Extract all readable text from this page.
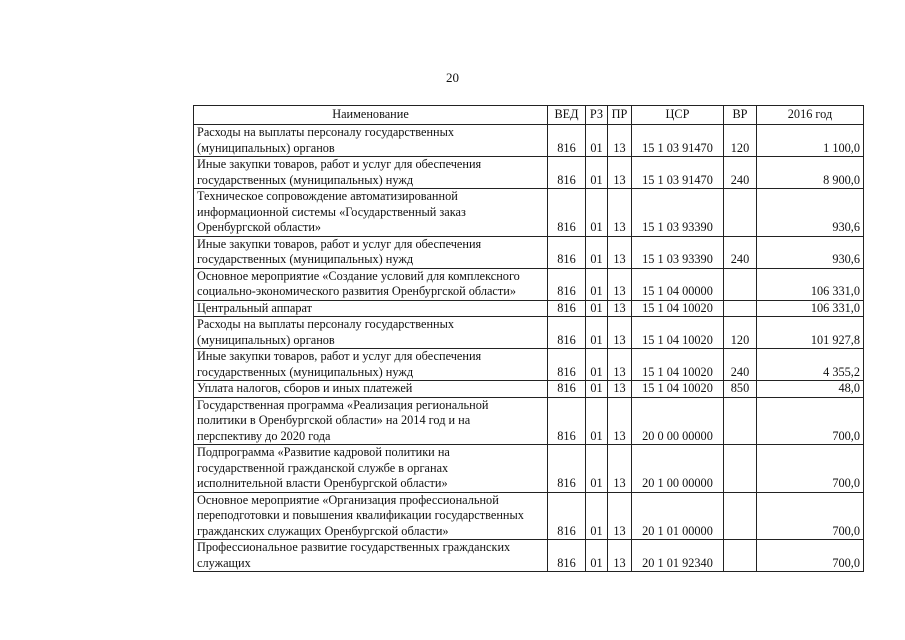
20
Наименование	ВЕД	РЗ	ПР	ЦСР	ВР	2016 год

Расходы на выплаты персоналу государственных
(муниципальных) органов	816	01	13	15 1 03 91470	120	1 100,0

Иные закупки товаров, работ и услуг для обеспечения
государственных (муниципальных) нужд	816	01	13	15 1 03 91470	240	8 900,0

Техническое сопровождение автоматизированной
информационной системы «Государственный заказ
Оренбургской области»	816	01	13	15 1 03 93390		930,6

Иные закупки товаров, работ и услуг для обеспечения
государственных (муниципальных) нужд	816	01	13	15 1 03 93390	240	930,6

Основное мероприятие «Создание условий для комплексного
социально-экономического развития Оренбургской области»	816	01	13	15 1 04 00000		106 331,0

Центральный аппарат	816	01	13	15 1 04 10020		106 331,0

Расходы на выплаты персоналу государственных
(муниципальных) органов	816	01	13	15 1 04 10020	120	101 927,8

Иные закупки товаров, работ и услуг для обеспечения
государственных (муниципальных) нужд	816	01	13	15 1 04 10020	240	4 355,2

Уплата налогов, сборов и иных платежей	816	01	13	15 1 04 10020	850	48,0

Государственная программа «Реализация региональной
политики в Оренбургской области» на 2014 год и на
перспективу до 2020 года	816	01	13	20 0 00 00000		700,0

Подпрограмма «Развитие кадровой политики на
государственной гражданской службе в органах
исполнительной власти Оренбургской области»	816	01	13	20 1 00 00000		700,0

Основное мероприятие «Организация профессиональной
переподготовки и повышения квалификации государственных
гражданских служащих Оренбургской области»	816	01	13	20 1 01 00000		700,0

Профессиональное развитие государственных гражданских
служащих	816	01	13	20 1 01 92340		700,0
